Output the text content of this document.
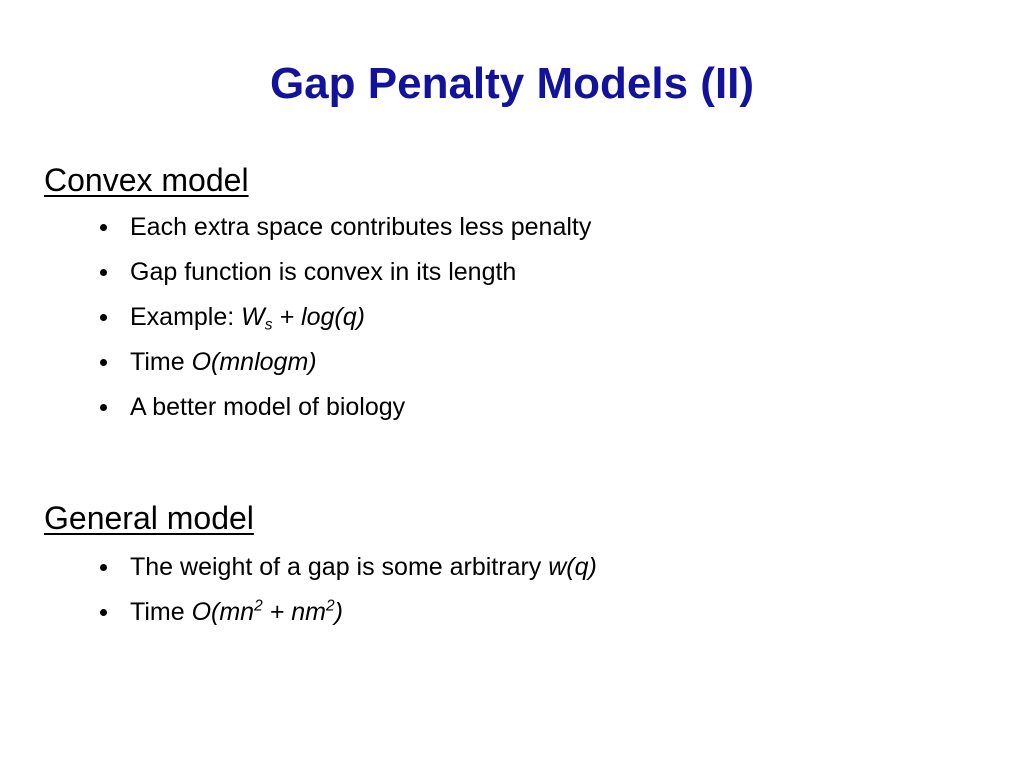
Gap Penalty Models (II)
Convex model
Each extra space contributes less penalty
Gap function is convex in its length
Example: $W_s + \log(q)$
Time O(mnlogm)
A better model of biology
General model
The weight of a gap is some arbitrary w(q)
Time $O(mn^2 + nm^2)$
